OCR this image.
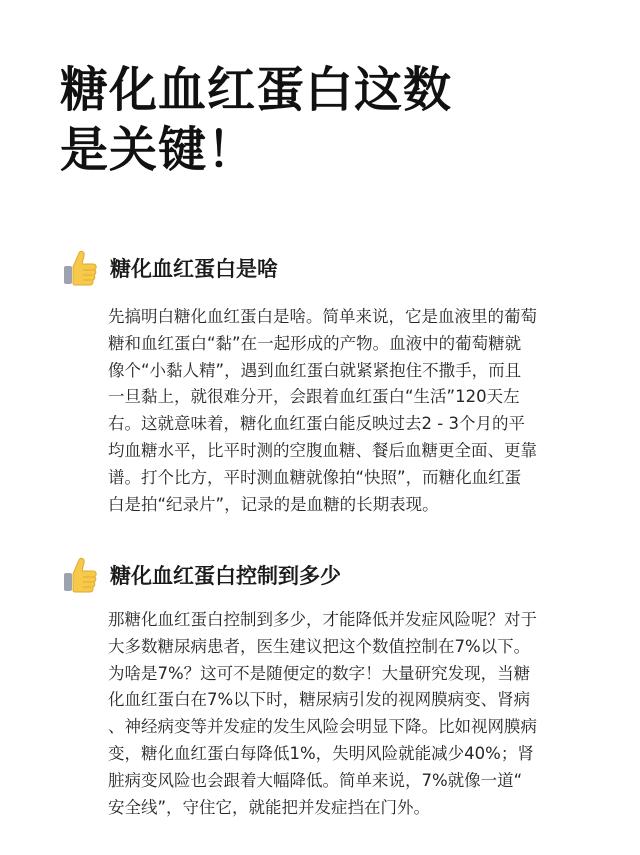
糖化血红蛋白这数
是关键！
糖化血红蛋白是啥

先搞明白糖化血红蛋白是啥。简单来说，它是血液里的葡萄
糖和血红蛋白“黏”在一起形成的产物。血液中的葡萄糖就
像个“小黏人精”，遇到血红蛋白就紧紧抱住不撒手，而且
一旦黏上，就很难分开，会跟着血红蛋白“生活”120天左
右。这就意味着，糖化血红蛋白能反映过去2 - 3个月的平
均血糖水平，比平时测的空腹血糖、餐后血糖更全面、更靠
谱。打个比方，平时测血糖就像拍“快照”，而糖化血红蛋
白是拍“纪录片”，记录的是血糖的长期表现。

糖化血红蛋白控制到多少

那糖化血红蛋白控制到多少，才能降低并发症风险呢？对于
大多数糖尿病患者，医生建议把这个数值控制在7%以下。
为啥是7%？这可不是随便定的数字！大量研究发现，当糖
化血红蛋白在7%以下时，糖尿病引发的视网膜病变、肾病
、神经病变等并发症的发生风险会明显下降。比如视网膜病
变，糖化血红蛋白每降低1%，失明风险就能减少40%；肾
脏病变风险也会跟着大幅降低。简单来说，7%就像一道“
安全线”，守住它，就能把并发症挡在门外。
